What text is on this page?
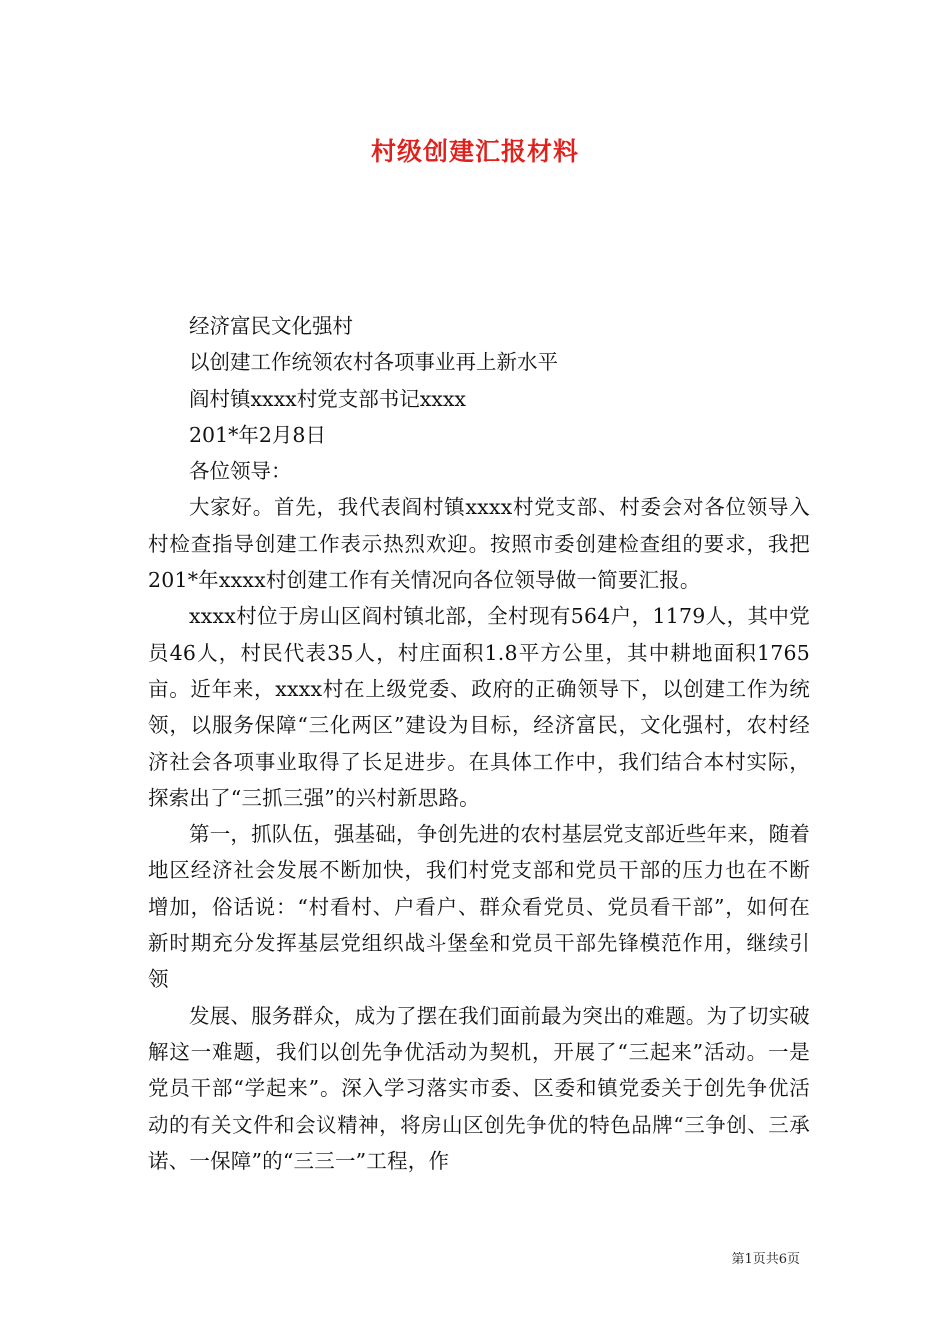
村级创建汇报材料
经济富民文化强村
以创建工作统领农村各项事业再上新水平
阎村镇xxxx村党支部书记xxxx
201*年2月8日
各位领导：

大家好。首先，我代表阎村镇xxxx村党支部、村委会对各位领导入村检查指导创建工作表示热烈欢迎。按照市委创建检查组的要求，我把201*年xxxx村创建工作有关情况向各位领导做一简要汇报。

xxxx村位于房山区阎村镇北部，全村现有564户，1179人，其中党员46人，村民代表35人，村庄面积1.8平方公里，其中耕地面积1765亩。近年来，xxxx村在上级党委、政府的正确领导下，以创建工作为统领，以服务保障“三化两区”建设为目标，经济富民，文化强村，农村经济社会各项事业取得了长足进步。在具体工作中，我们结合本村实际，探索出了“三抓三强”的兴村新思路。

第一，抓队伍，强基础，争创先进的农村基层党支部近些年来，随着地区经济社会发展不断加快，我们村党支部和党员干部的压力也在不断增加，俗话说：“村看村、户看户、群众看党员、党员看干部”，如何在新时期充分发挥基层党组织战斗堡垒和党员干部先锋模范作用，继续引领

发展、服务群众，成为了摆在我们面前最为突出的难题。为了切实破解这一难题，我们以创先争优活动为契机，开展了“三起来”活动。一是党员干部“学起来”。深入学习落实市委、区委和镇党委关于创先争优活动的有关文件和会议精神，将房山区创先争优的特色品牌“三争创、三承诺、一保障”的“三三一”工程，作

第1页共6页
